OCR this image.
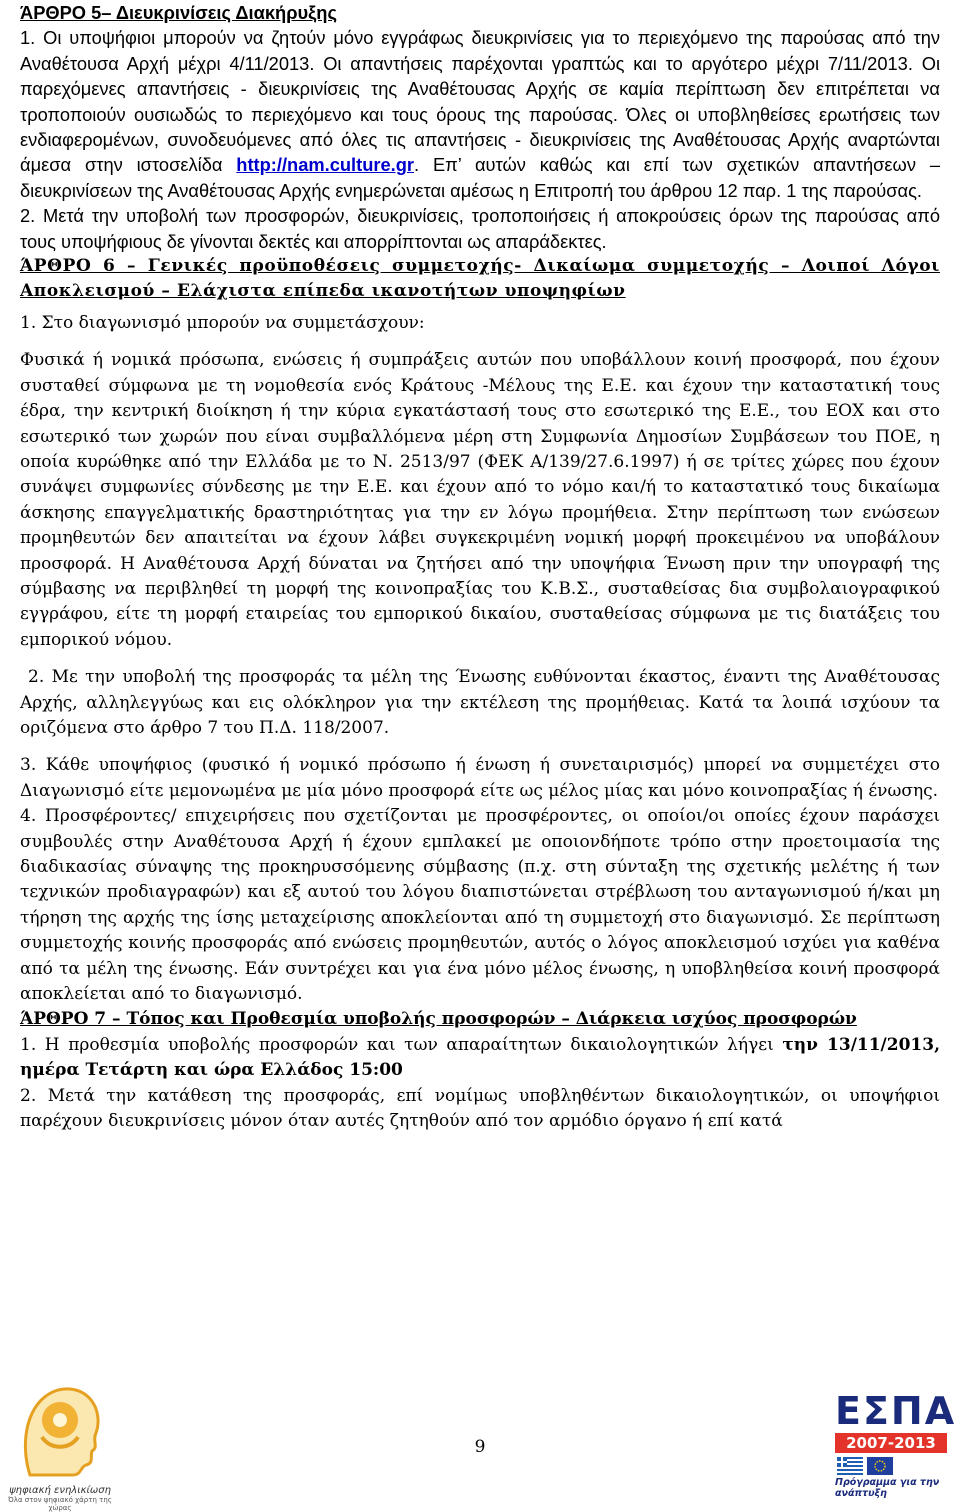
ΆΡΘΡΟ 5– Διευκρινίσεις Διακήρυξης

1. Οι υποψήφιοι μπορούν να ζητούν μόνο εγγράφως διευκρινίσεις για το περιεχόμενο της παρούσας από την Αναθέτουσα Αρχή μέχρι 4/11/2013. Οι απαντήσεις παρέχονται γραπτώς και το αργότερο μέχρι 7/11/2013. Οι παρεχόμενες απαντήσεις - διευκρινίσεις της Αναθέτουσας Αρχής σε καμία περίπτωση δεν επιτρέπεται να τροποποιούν ουσιωδώς το περιεχόμενο και τους όρους της παρούσας. Όλες οι υποβληθείσες ερωτήσεις των ενδιαφερομένων, συνοδευόμενες από όλες τις απαντήσεις - διευκρινίσεις της Αναθέτουσας Αρχής αναρτώνται άμεσα στην ιστοσελίδα http://nam.culture.gr. Επ’ αυτών καθώς και επί των σχετικών απαντήσεων – διευκρινίσεων της Αναθέτουσας Αρχής ενημερώνεται αμέσως η Επιτροπή του άρθρου 12 παρ. 1 της παρούσας.

2. Μετά την υποβολή των προσφορών, διευκρινίσεις, τροποποιήσεις ή αποκρούσεις όρων της παρούσας από τους υποψήφιους δε γίνονται δεκτές και απορρίπτονται ως απαράδεκτες.

ΆΡΘΡΟ 6 – Γενικές προϋποθέσεις συμμετοχής- Δικαίωμα συμμετοχής – Λοιποί Λόγοι Αποκλεισμού – Ελάχιστα επίπεδα ικανοτήτων υποψηφίων

1. Στο διαγωνισμό μπορούν να συμμετάσχουν:

Φυσικά ή νομικά πρόσωπα, ενώσεις ή συμπράξεις αυτών που υποβάλλουν κοινή προσφορά, που έχουν συσταθεί σύμφωνα με τη νομοθεσία ενός Κράτους -Μέλους της Ε.Ε. και έχουν την καταστατική τους έδρα, την κεντρική διοίκηση ή την κύρια εγκατάστασή τους στο εσωτερικό της Ε.Ε., του ΕΟΧ και στο εσωτερικό των χωρών που είναι συμβαλλόμενα μέρη στη Συμφωνία Δημοσίων Συμβάσεων του ΠΟΕ, η οποία κυρώθηκε από την Ελλάδα με το Ν. 2513/97 (ΦΕΚ Α/139/27.6.1997) ή σε τρίτες χώρες που έχουν συνάψει συμφωνίες σύνδεσης με την Ε.Ε. και έχουν από το νόμο και/ή το καταστατικό τους δικαίωμα άσκησης επαγγελματικής δραστηριότητας για την εν λόγω προμήθεια. Στην περίπτωση των ενώσεων προμηθευτών δεν απαιτείται να έχουν λάβει συγκεκριμένη νομική μορφή προκειμένου να υποβάλουν προσφορά. Η Αναθέτουσα Αρχή δύναται να ζητήσει από την υποψήφια Ένωση πριν την υπογραφή της σύμβασης να περιβληθεί τη μορφή της κοινοπραξίας του Κ.Β.Σ., συσταθείσας δια συμβολαιογραφικού εγγράφου, είτε τη μορφή εταιρείας του εμπορικού δικαίου, συσταθείσας σύμφωνα με τις διατάξεις του εμπορικού νόμου.

2. Με την υποβολή της προσφοράς τα μέλη της Ένωσης ευθύνονται έκαστος, έναντι της Αναθέτουσας Αρχής, αλληλεγγύως και εις ολόκληρον για την εκτέλεση της προμήθειας. Κατά τα λοιπά ισχύουν τα οριζόμενα στο άρθρο 7 του Π.Δ. 118/2007.

3. Κάθε υποψήφιος (φυσικό ή νομικό πρόσωπο ή ένωση ή συνεταιρισμός) μπορεί να συμμετέχει στο Διαγωνισμό είτε μεμονωμένα με μία μόνο προσφορά είτε ως μέλος μίας και μόνο κοινοπραξίας ή ένωσης.

4. Προσφέροντες/ επιχειρήσεις που σχετίζονται με προσφέροντες, οι οποίοι/οι οποίες έχουν παράσχει συμβουλές στην Αναθέτουσα Αρχή ή έχουν εμπλακεί με οποιονδήποτε τρόπο στην προετοιμασία της διαδικασίας σύναψης της προκηρυσσόμενης σύμβασης (π.χ. στη σύνταξη της σχετικής μελέτης ή των τεχνικών προδιαγραφών) και εξ αυτού του λόγου διαπιστώνεται στρέβλωση του ανταγωνισμού ή/και μη τήρηση της αρχής της ίσης μεταχείρισης αποκλείονται από τη συμμετοχή στο διαγωνισμό. Σε περίπτωση συμμετοχής κοινής προσφοράς από ενώσεις προμηθευτών, αυτός ο λόγος αποκλεισμού ισχύει για καθένα από τα μέλη της ένωσης. Εάν συντρέχει και για ένα μόνο μέλος ένωσης, η υποβληθείσα κοινή προσφορά αποκλείεται από το διαγωνισμό.

ΆΡΘΡΟ 7 – Τόπος και Προθεσμία υποβολής προσφορών – Διάρκεια ισχύος προσφορών

1. Η προθεσμία υποβολής προσφορών και των απαραίτητων δικαιολογητικών λήγει την 13/11/2013, ημέρα Τετάρτη και ώρα Ελλάδος 15:00

2. Μετά την κατάθεση της προσφοράς, επί νομίμως υποβληθέντων δικαιολογητικών, οι υποψήφιοι παρέχουν διευκρινίσεις μόνον όταν αυτές ζητηθούν από τον αρμόδιο όργανο ή επί κατά

9
ψηφιακή ενηλικίωση
Όλα στον ψηφιακό χάρτη της χώρας
ΕΣΠΑ
2007-2013
Πρόγραμμα για την ανάπτυξη
